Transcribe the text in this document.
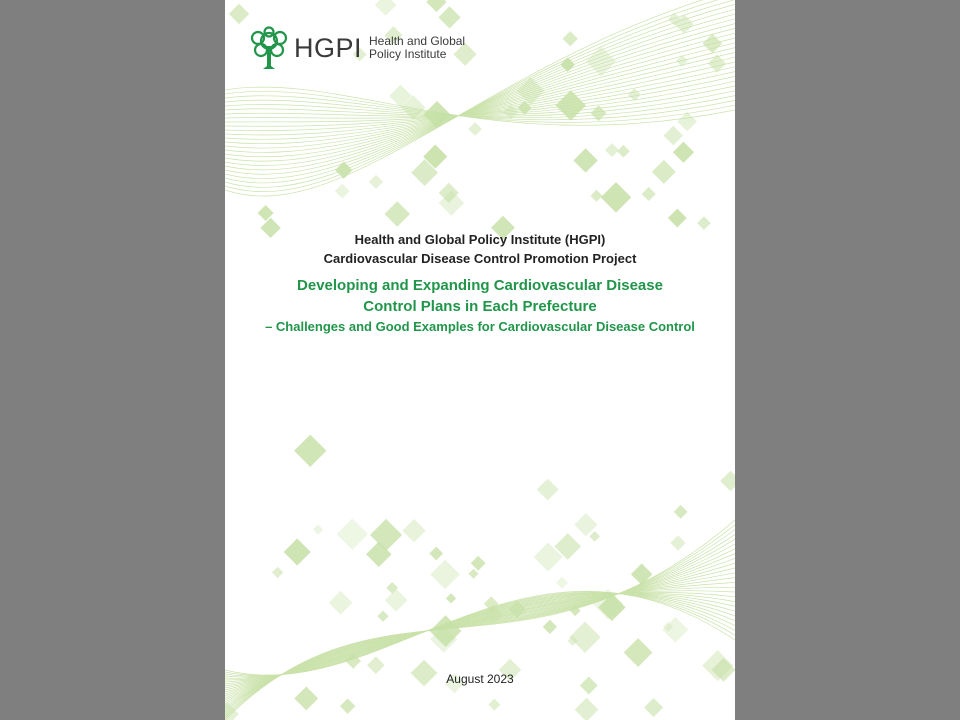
HGPI Health and Global
Policy Institute
Health and Global Policy Institute (HGPI)
Cardiovascular Disease Control Promotion Project
Developing and Expanding Cardiovascular Disease
Control Plans in Each Prefecture
– Challenges and Good Examples for Cardiovascular Disease Control
August 2023
